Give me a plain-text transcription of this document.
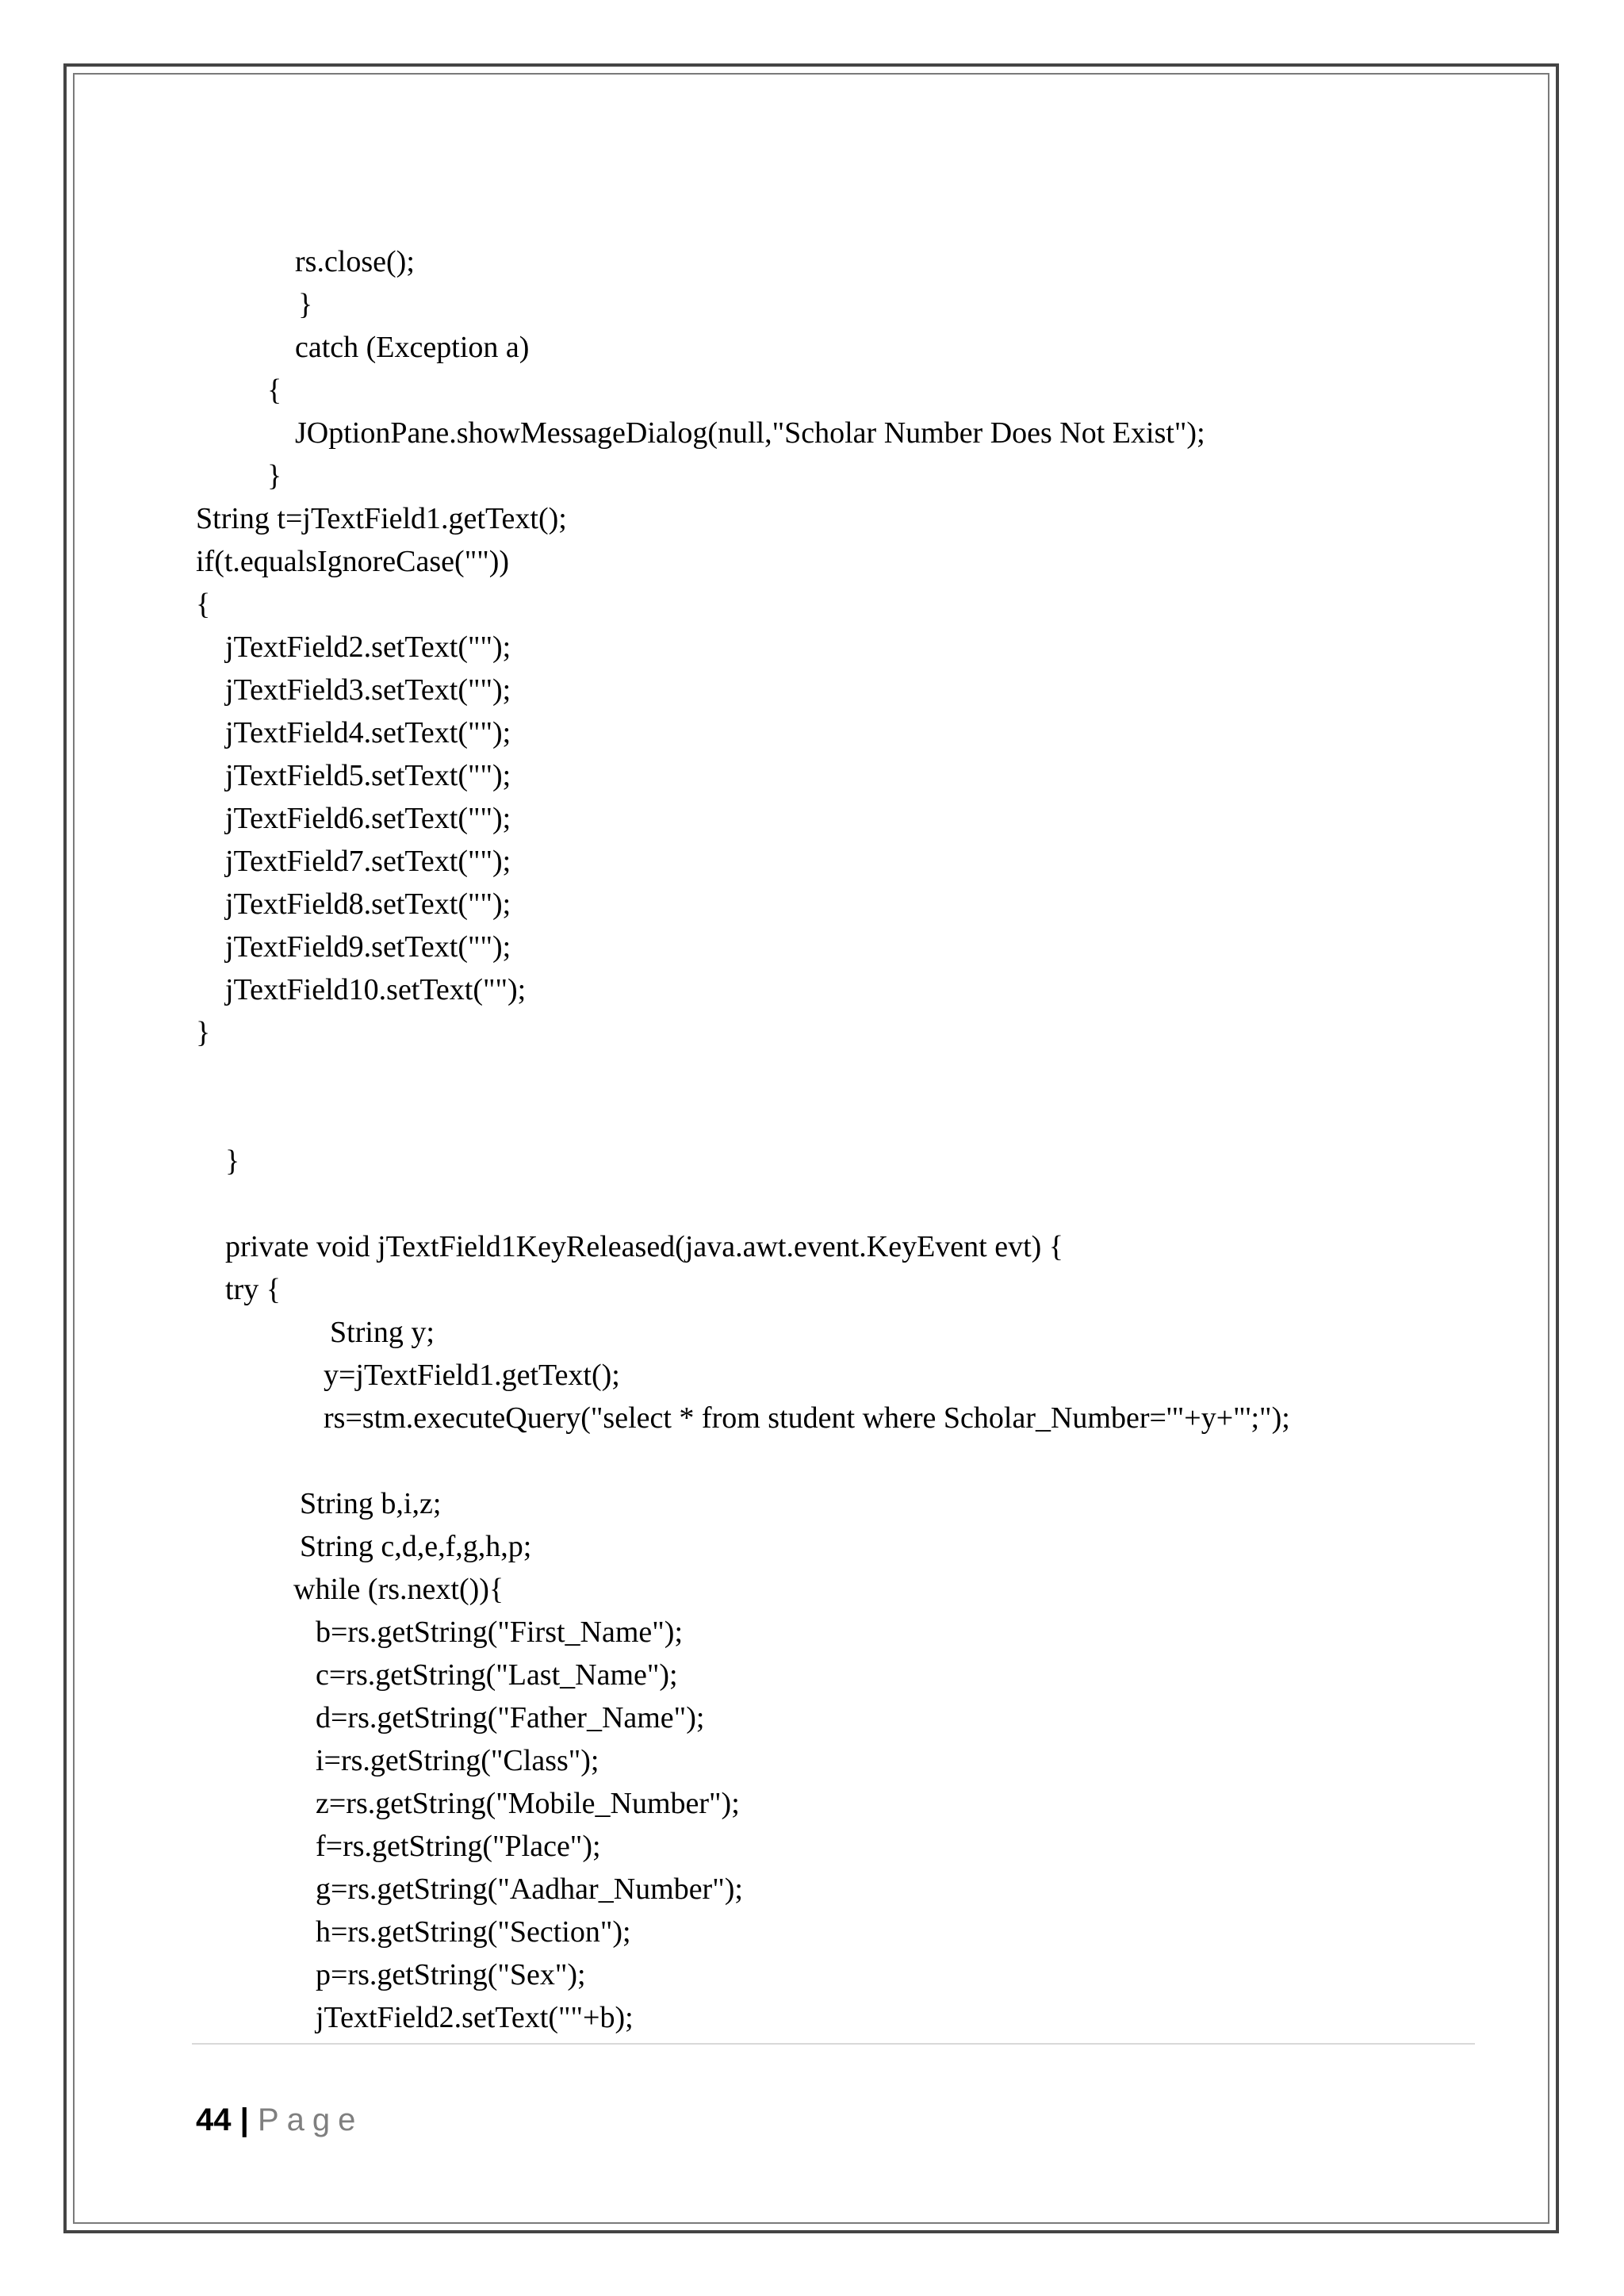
rs.close();
}
catch (Exception a)
{
JOptionPane.showMessageDialog(null,"Scholar Number Does Not Exist");
}
String t=jTextField1.getText();
if(t.equalsIgnoreCase(""))
{
jTextField2.setText("");
jTextField3.setText("");
jTextField4.setText("");
jTextField5.setText("");
jTextField6.setText("");
jTextField7.setText("");
jTextField8.setText("");
jTextField9.setText("");
jTextField10.setText("");
}
}
private void jTextField1KeyReleased(java.awt.event.KeyEvent evt) {
try {
String y;
y=jTextField1.getText();
rs=stm.executeQuery("select * from student where Scholar_Number='"+y+"';");
String b,i,z;
String c,d,e,f,g,h,p;
while (rs.next()){
b=rs.getString("First_Name");
c=rs.getString("Last_Name");
d=rs.getString("Father_Name");
i=rs.getString("Class");
z=rs.getString("Mobile_Number");
f=rs.getString("Place");
g=rs.getString("Aadhar_Number");
h=rs.getString("Section");
p=rs.getString("Sex");
jTextField2.setText(""+b);
44 | Page
